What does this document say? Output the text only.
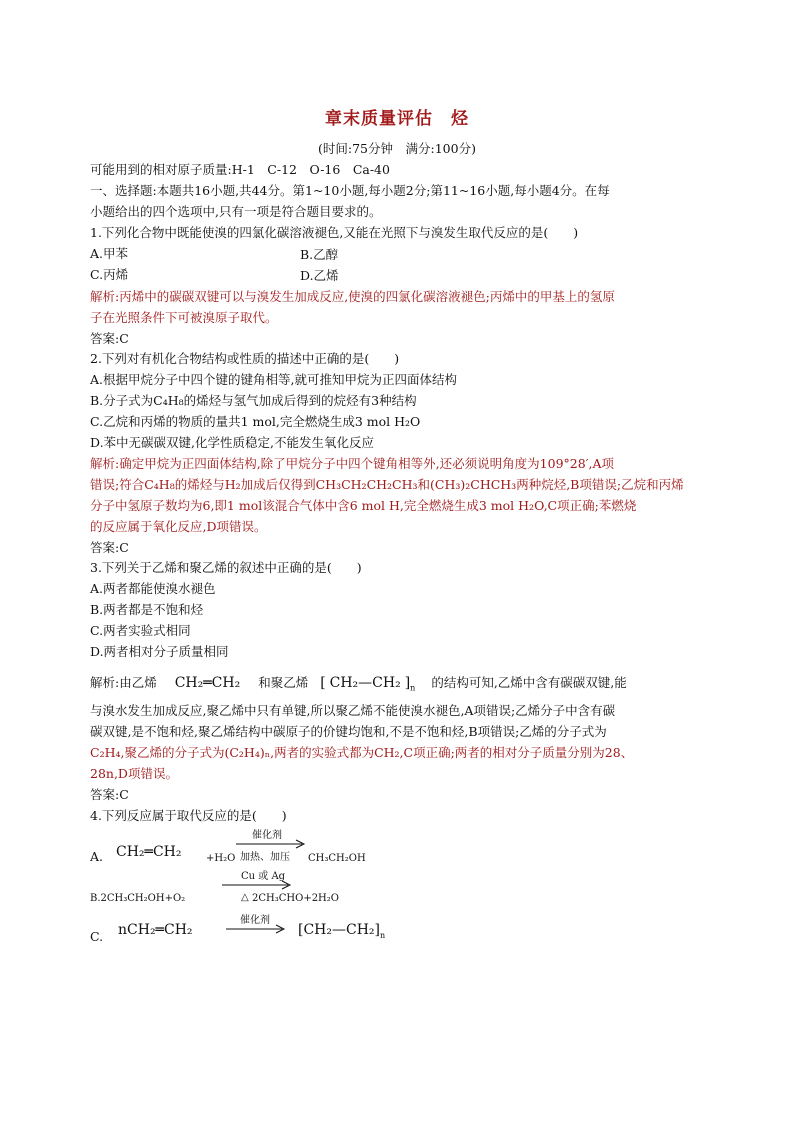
章末质量评估　烃
(时间:75分钟　满分:100分)
可能用到的相对原子质量:H-1　C-12　O-16　Ca-40
一、选择题:本题共16小题,共44分。第1~10小题,每小题2分;第11~16小题,每小题4分。在每
小题给出的四个选项中,只有一项是符合题目要求的。
1.下列化合物中既能使溴的四氯化碳溶液褪色,又能在光照下与溴发生取代反应的是(　　)
A.甲苯	B.乙醇
C.丙烯	D.乙烯
解析:丙烯中的碳碳双键可以与溴发生加成反应,使溴的四氯化碳溶液褪色;丙烯中的甲基上的氢原
子在光照条件下可被溴原子取代。
答案:C
2.下列对有机化合物结构或性质的描述中正确的是(　　)
A.根据甲烷分子中四个键的键角相等,就可推知甲烷为正四面体结构
B.分子式为C₄H₈的烯烃与氢气加成后得到的烷烃有3种结构
C.乙烷和丙烯的物质的量共1 mol,完全燃烧生成3 mol H₂O
D.苯中无碳碳双键,化学性质稳定,不能发生氧化反应
解析:确定甲烷为正四面体结构,除了甲烷分子中四个键角相等外,还必须说明角度为109°28′,A项
错误;符合C₄H₈的烯烃与H₂加成后仅得到CH₃CH₂CH₂CH₃和(CH₃)₂CHCH₃两种烷烃,B项错误;乙烷和丙烯
分子中氢原子数均为6,即1 mol该混合气体中含6 mol H,完全燃烧生成3 mol H₂O,C项正确;苯燃烧
的反应属于氧化反应,D项错误。
答案:C
3.下列关于乙烯和聚乙烯的叙述中正确的是(　　)
A.两者都能使溴水褪色
B.两者都是不饱和烃
C.两者实验式相同
D.两者相对分子质量相同
解析:由乙烯 CH₂═CH₂ 和聚乙烯 [ CH₂—CH₂ ]$_n$ 的结构可知,乙烯中含有碳碳双键,能
与溴水发生加成反应,聚乙烯中只有单键,所以聚乙烯不能使溴水褪色,A项错误;乙烯分子中含有碳
碳双键,是不饱和烃,聚乙烯结构中碳原子的价键均饱和,不是不饱和烃,B项错误;乙烯的分子式为
C₂H₄,聚乙烯的分子式为(C₂H₄)ₙ,两者的实验式都为CH₂,C项正确;两者的相对分子质量分别为28、
28n,D项错误。
答案:C
4.下列反应属于取代反应的是(　　)
A. CH₂═CH₂ +H₂O
催化剂
加热、加压 CH₃CH₂OH
Cu 或 Ag
B.2CH₃CH₂OH+O₂	△ 2CH₃CHO+2H₂O
C. nCH₂═CH₂
催化剂
→ $[CH_2—CH_2]_n$
